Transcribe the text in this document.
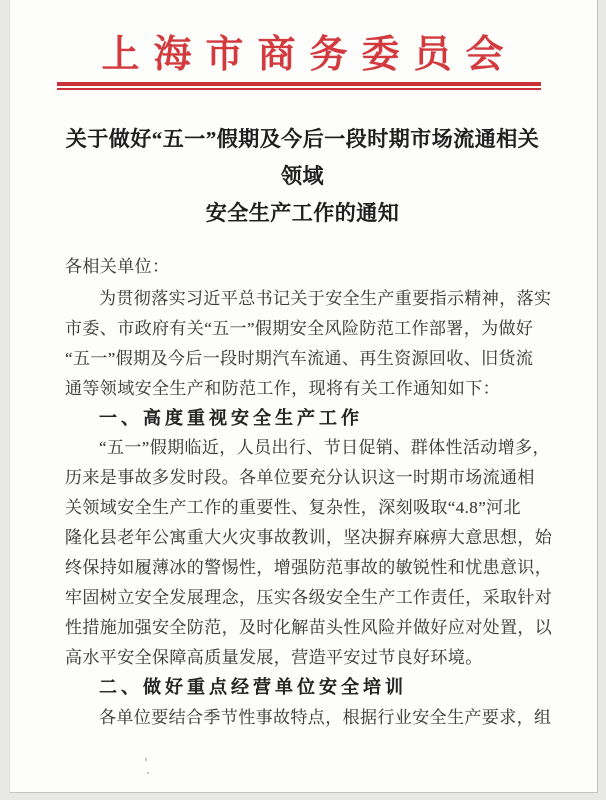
上海市商务委员会
关于做好“五一”假期及今后一段时期市场流通相关领域
安全生产工作的通知
各相关单位：
为贯彻落实习近平总书记关于安全生产重要指示精神，落实
市委、市政府有关“五一”假期安全风险防范工作部署，为做好
“五一”假期及今后一段时期汽车流通、再生资源回收、旧货流
通等领域安全生产和防范工作，现将有关工作通知如下：
一、高度重视安全生产工作
“五一”假期临近，人员出行、节日促销、群体性活动增多，
历来是事故多发时段。各单位要充分认识这一时期市场流通相
关领域安全生产工作的重要性、复杂性，深刻吸取“4.8”河北
隆化县老年公寓重大火灾事故教训，坚决摒弃麻痹大意思想，始
终保持如履薄冰的警惕性，增强防范事故的敏锐性和忧患意识，
牢固树立安全发展理念，压实各级安全生产工作责任，采取针对
性措施加强安全防范，及时化解苗头性风险并做好应对处置，以
高水平安全保障高质量发展，营造平安过节良好环境。
二、做好重点经营单位安全培训
各单位要结合季节性事故特点，根据行业安全生产要求，组
